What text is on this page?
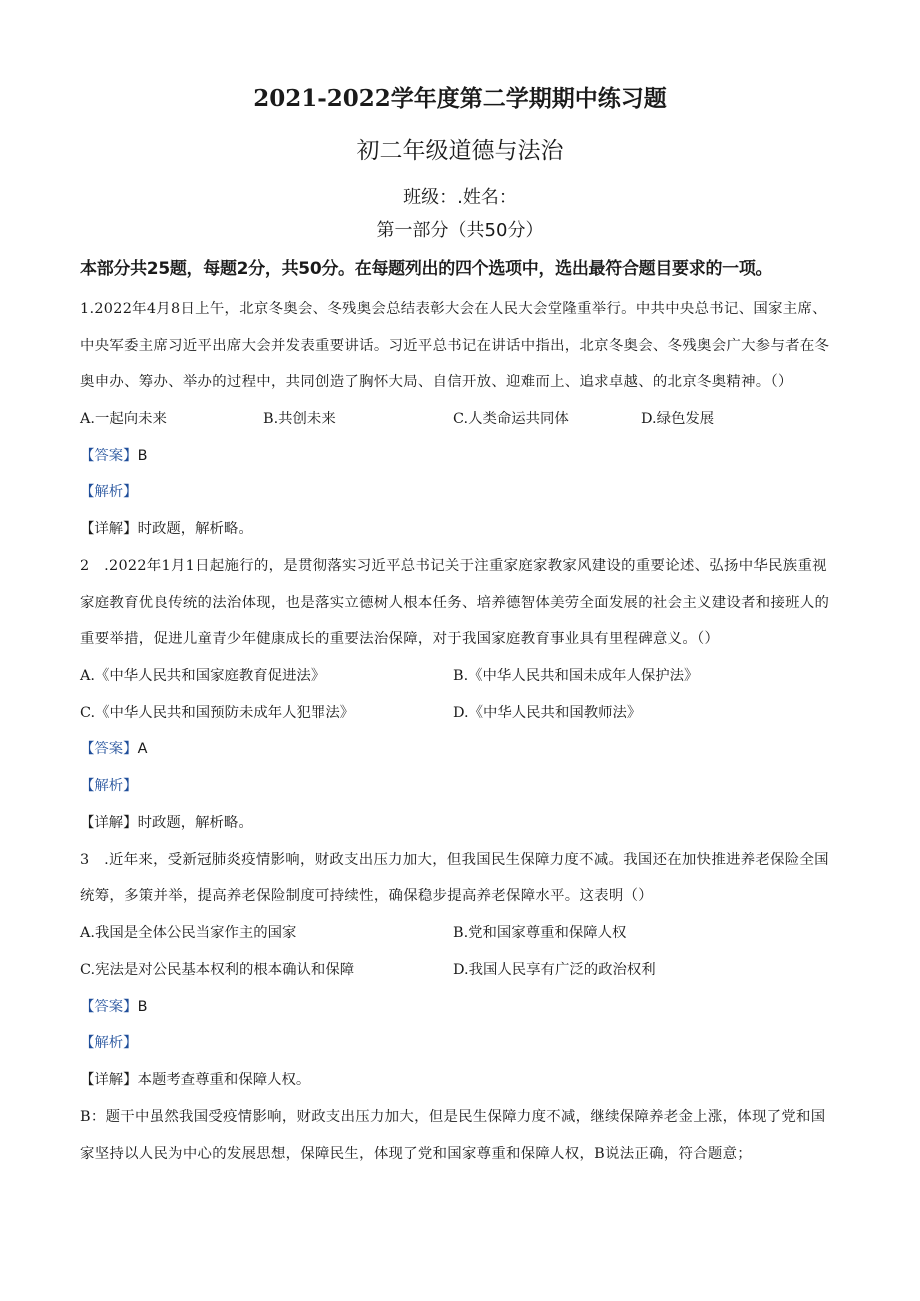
2021-2022学年度第二学期期中练习题
初二年级道德与法治
班级：.姓名：
第一部分（共50分）
本部分共25题，每题2分，共50分。在每题列出的四个选项中，选出最符合题目要求的一项。
1.2022年4月8日上午，北京冬奥会、冬残奥会总结表彰大会在人民大会堂隆重举行。中共中央总书记、国家主席、中央军委主席习近平出席大会并发表重要讲话。习近平总书记在讲话中指出，北京冬奥会、冬残奥会广大参与者在冬奥申办、筹办、举办的过程中，共同创造了胸怀大局、自信开放、迎难而上、追求卓越、的北京冬奥精神。（）
A.一起向未来	B.共创未来	C.人类命运共同体	D.绿色发展
【答案】B
【解析】
【详解】时政题，解析略。
2　.2022年1月1日起施行的，是贯彻落实习近平总书记关于注重家庭家教家风建设的重要论述、弘扬中华民族重视家庭教育优良传统的法治体现，也是落实立德树人根本任务、培养德智体美劳全面发展的社会主义建设者和接班人的重要举措，促进儿童青少年健康成长的重要法治保障，对于我国家庭教育事业具有里程碑意义。（）
A.《中华人民共和国家庭教育促进法》	B.《中华人民共和国未成年人保护法》
C.《中华人民共和国预防未成年人犯罪法》	D.《中华人民共和国教师法》
【答案】A
【解析】
【详解】时政题，解析略。
3　.近年来，受新冠肺炎疫情影响，财政支出压力加大，但我国民生保障力度不减。我国还在加快推进养老保险全国统筹，多策并举，提高养老保险制度可持续性，确保稳步提高养老保障水平。这表明（）
A.我国是全体公民当家作主的国家	B.党和国家尊重和保障人权
C.宪法是对公民基本权利的根本确认和保障	D.我国人民享有广泛的政治权利
【答案】B
【解析】
【详解】本题考查尊重和保障人权。
B：题干中虽然我国受疫情影响，财政支出压力加大，但是民生保障力度不减，继续保障养老金上涨，体现了党和国家坚持以人民为中心的发展思想，保障民生，体现了党和国家尊重和保障人权，B说法正确，符合题意；
